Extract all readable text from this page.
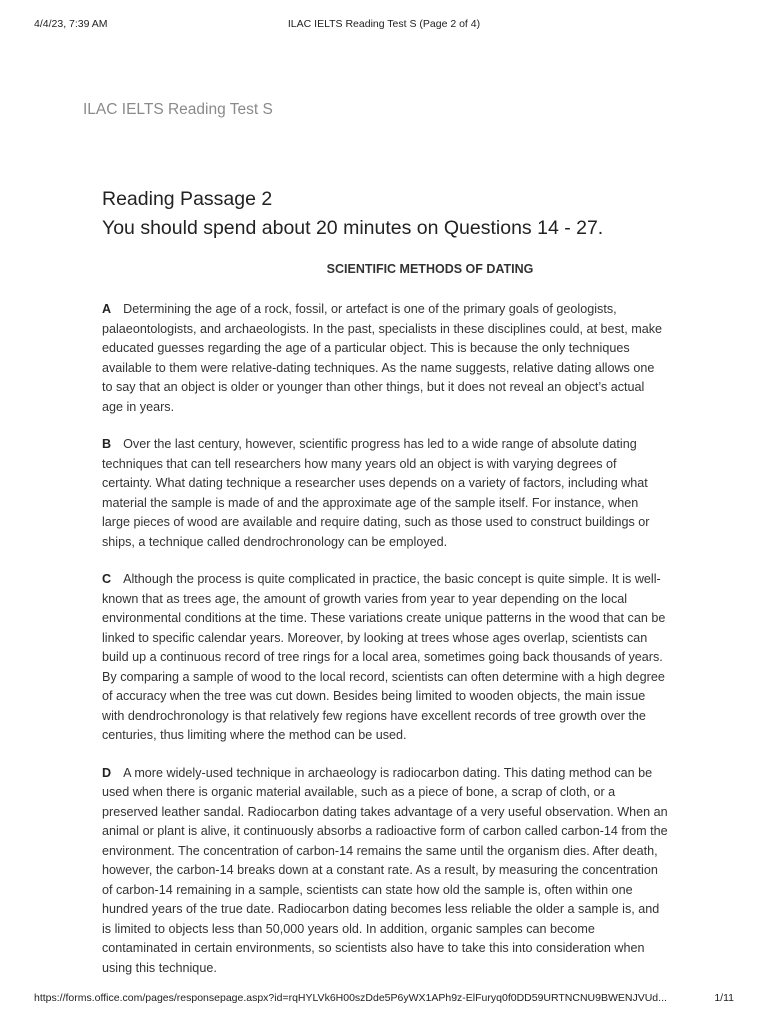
4/4/23, 7:39 AM	ILAC IELTS Reading Test S (Page 2 of 4)
ILAC IELTS Reading Test S
Reading Passage 2
You should spend about 20 minutes on Questions 14 - 27.
SCIENTIFIC METHODS OF DATING

A Determining the age of a rock, fossil, or artefact is one of the primary goals of geologists, palaeontologists, and archaeologists. In the past, specialists in these disciplines could, at best, make educated guesses regarding the age of a particular object. This is because the only techniques available to them were relative-dating techniques. As the name suggests, relative dating allows one to say that an object is older or younger than other things, but it does not reveal an object’s actual age in years.

B Over the last century, however, scientific progress has led to a wide range of absolute dating techniques that can tell researchers how many years old an object is with varying degrees of certainty. What dating technique a researcher uses depends on a variety of factors, including what material the sample is made of and the approximate age of the sample itself. For instance, when large pieces of wood are available and require dating, such as those used to construct buildings or ships, a technique called dendrochronology can be employed.

C Although the process is quite complicated in practice, the basic concept is quite simple. It is well-known that as trees age, the amount of growth varies from year to year depending on the local environmental conditions at the time. These variations create unique patterns in the wood that can be linked to specific calendar years. Moreover, by looking at trees whose ages overlap, scientists can build up a continuous record of tree rings for a local area, sometimes going back thousands of years. By comparing a sample of wood to the local record, scientists can often determine with a high degree of accuracy when the tree was cut down. Besides being limited to wooden objects, the main issue with dendrochronology is that relatively few regions have excellent records of tree growth over the centuries, thus limiting where the method can be used.

D A more widely-used technique in archaeology is radiocarbon dating. This dating method can be used when there is organic material available, such as a piece of bone, a scrap of cloth, or a preserved leather sandal. Radiocarbon dating takes advantage of a very useful observation. When an animal or plant is alive, it continuously absorbs a radioactive form of carbon called carbon-14 from the environment. The concentration of carbon-14 remains the same until the organism dies. After death, however, the carbon-14 breaks down at a constant rate. As a result, by measuring the concentration of carbon-14 remaining in a sample, scientists can state how old the sample is, often within one hundred years of the true date. Radiocarbon dating becomes less reliable the older a sample is, and is limited to objects less than 50,000 years old. In addition, organic samples can become contaminated in certain environments, so scientists also have to take this into consideration when using this technique.

https://forms.office.com/pages/responsepage.aspx?id=rqHYLVk6H00szDde5P6yWX1APh9z-ElFuryq0f0DD59URTNCNU9BWENJVUd...	1/11
